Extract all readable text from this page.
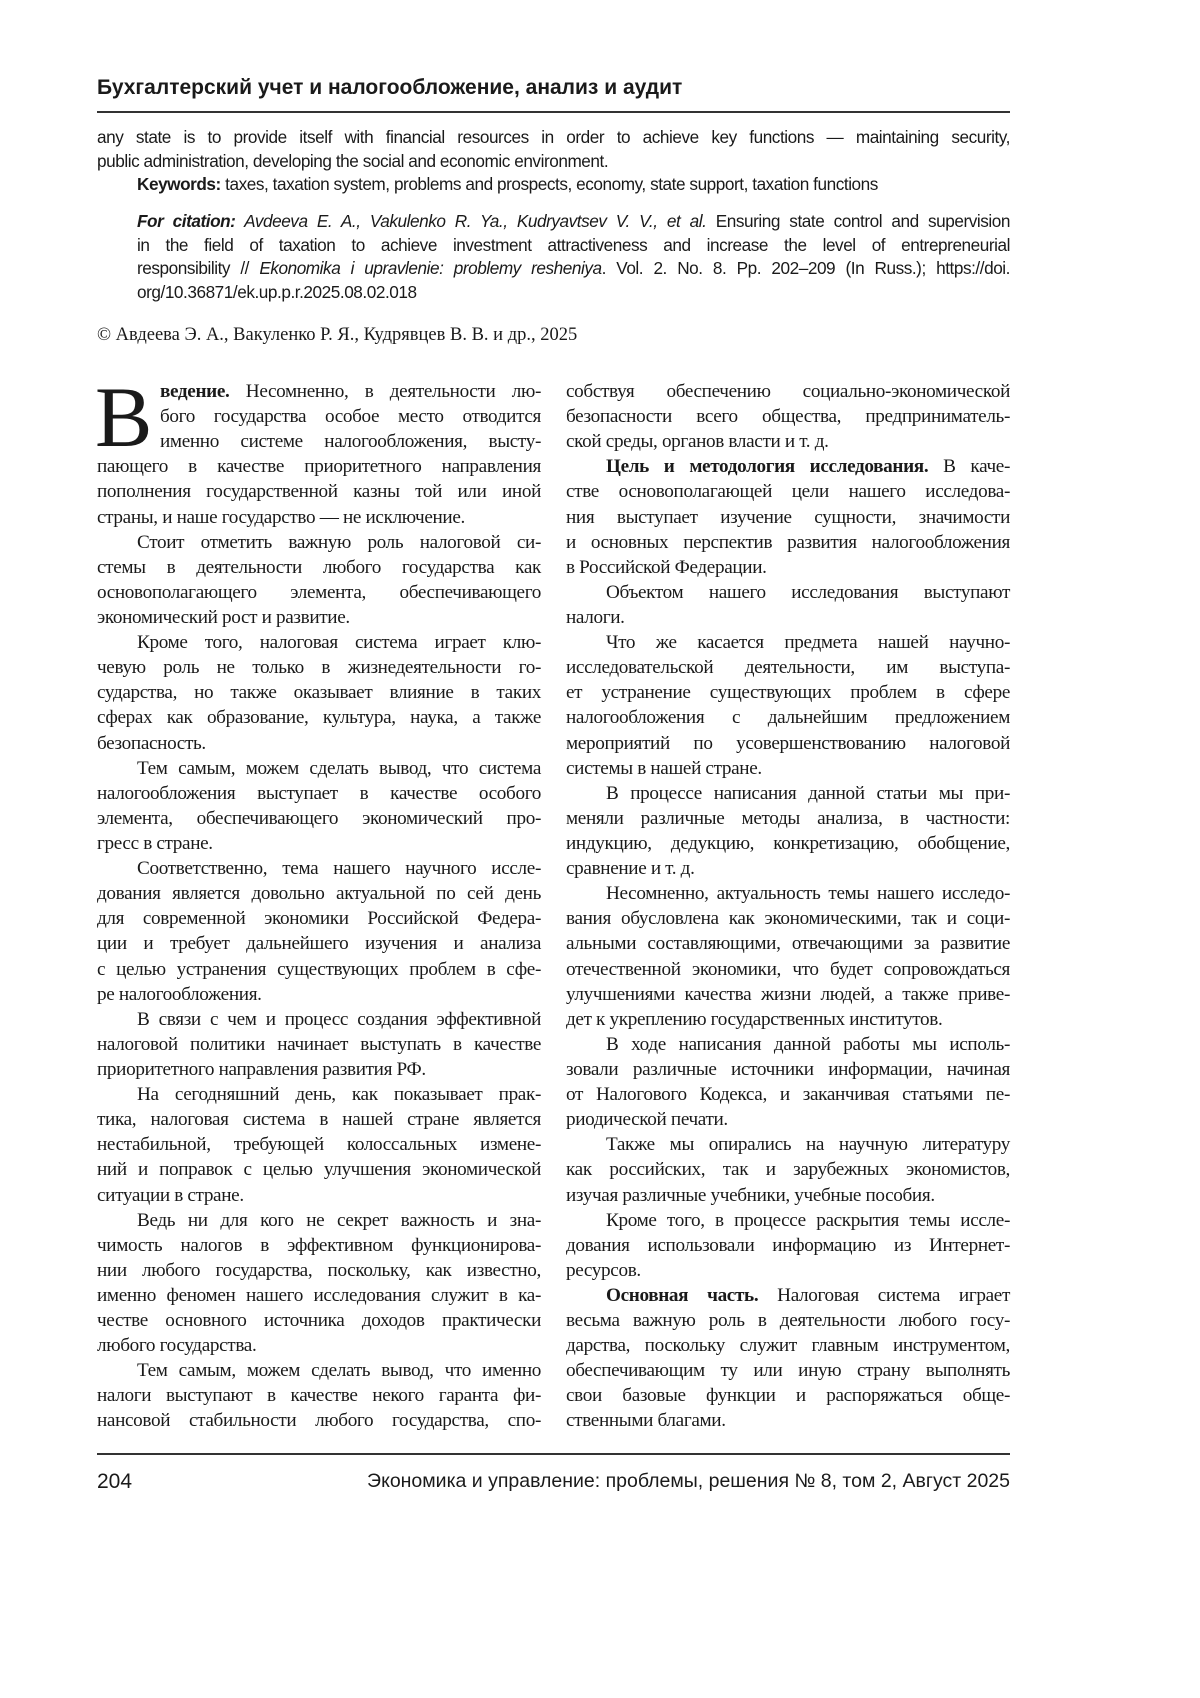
Бухгалтерский учет и налогообложение, анализ и аудит
any state is to provide itself with financial resources in order to achieve key functions — maintaining security,
public administration, developing the social and economic environment.
Keywords: taxes, taxation system, problems and prospects, economy, state support, taxation functions
For citation: Avdeeva E. A., Vakulenko R. Ya., Kudryavtsev V. V., et al. Ensuring state control and supervision
in the field of taxation to achieve investment attractiveness and increase the level of entrepreneurial
responsibility // Ekonomika i upravlenie: problemy resheniya. Vol. 2. No. 8. Pp. 202–209 (In Russ.); https://doi.
org/10.36871/ek.up.p.r.2025.08.02.018
© Авдеева Э. А., Вакуленко Р. Я., Кудрявцев В. В. и др., 2025
В ведение. Несомненно, в деятельности лю-
бого государства особое место отводится
именно системе налогообложения, высту-
пающего в качестве приоритетного направления
пополнения государственной казны той или иной
страны, и наше государство — не исключение.
Стоит отметить важную роль налоговой си-
стемы в деятельности любого государства как
основополагающего элемента, обеспечивающего
экономический рост и развитие.
Кроме того, налоговая система играет клю-
чевую роль не только в жизнедеятельности го-
сударства, но также оказывает влияние в таких
сферах как образование, культура, наука, а также
безопасность.
Тем самым, можем сделать вывод, что система
налогообложения выступает в качестве особого
элемента, обеспечивающего экономический про-
гресс в стране.
Соответственно, тема нашего научного иссле-
дования является довольно актуальной по сей день
для современной экономики Российской Федера-
ции и требует дальнейшего изучения и анализа
с целью устранения существующих проблем в сфе-
ре налогообложения.
В связи с чем и процесс создания эффективной
налоговой политики начинает выступать в качестве
приоритетного направления развития РФ.
На сегодняшний день, как показывает прак-
тика, налоговая система в нашей стране является
нестабильной, требующей колоссальных измене-
ний и поправок с целью улучшения экономической
ситуации в стране.
Ведь ни для кого не секрет важность и зна-
чимость налогов в эффективном функционирова-
нии любого государства, поскольку, как известно,
именно феномен нашего исследования служит в ка-
честве основного источника доходов практически
любого государства.
Тем самым, можем сделать вывод, что именно
налоги выступают в качестве некого гаранта фи-
нансовой стабильности любого государства, спо-
собствуя обеспечению социально-экономической
безопасности всего общества, предпринима­тель-
ской среды, органов власти и т. д.
Цель и методология исследования. В каче-
стве основополагающей цели нашего исследова-
ния выступает изучение сущности, значимости
и основных перспектив развития налогообложения
в Российской Федерации.
Объектом нашего исследования выступают
налоги.
Что же касается предмета нашей научно-
исследовательской деятельности, им выступа-
ет устранение существующих проблем в сфере
налогообложения с дальнейшим предложением
мероприятий по усовершенствованию налоговой
системы в нашей стране.
В процессе написания данной статьи мы при-
меняли различные методы анализа, в частности:
индукцию, дедукцию, конкретизацию, обобщение,
сравнение и т. д.
Несомненно, актуальность темы нашего исследо-
вания обусловлена как экономическими, так и соци-
альными составляющими, отвечающими за развитие
отечественной экономики, что будет сопровождаться
улучшениями качества жизни людей, а также приве-
дет к укреплению государственных институтов.
В ходе написания данной работы мы исполь-
зовали различные источники информации, начиная
от Налогового Кодекса, и заканчивая статьями пе-
риодической печати.
Также мы опирались на научную литературу
как российских, так и зарубежных экономистов,
изучая различные учебники, учебные пособия.
Кроме того, в процессе раскрытия темы иссле-
дования использовали информацию из Интернет-
ресурсов.
Основная часть. Налоговая система играет
весьма важную роль в деятельности любого госу-
дарства, поскольку служит главным инструментом,
обеспечивающим ту или иную страну выполнять
свои базовые функции и распоряжаться обще-
ственными благами.
204	Экономика и управление: проблемы, решения № 8, том 2, Август 2025
